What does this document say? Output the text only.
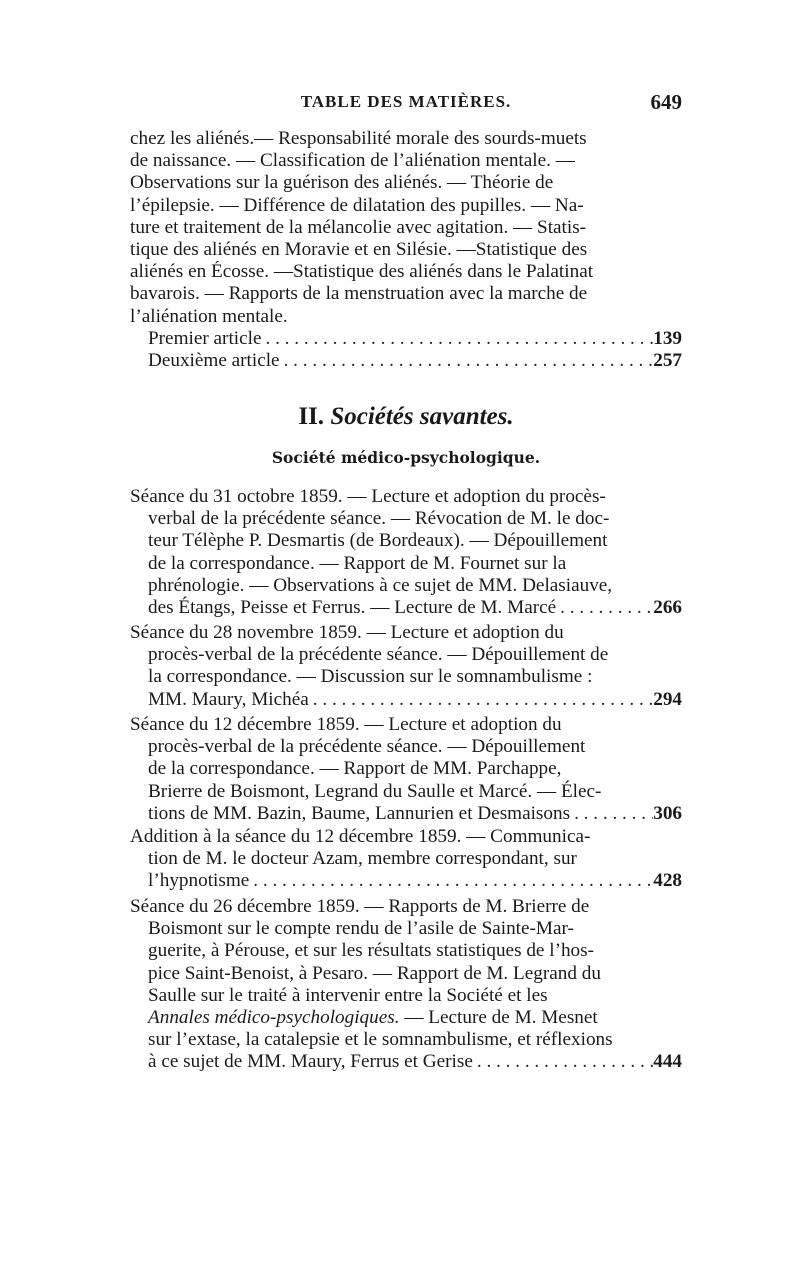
TABLE DES MATIÈRES.	649
chez les aliénés.— Responsabilité morale des sourds-muets
de naissance. — Classification de l’aliénation mentale. —
Observations sur la guérison des aliénés. — Théorie de
l’épilepsie. — Différence de dilatation des pupilles. — Na-
ture et traitement de la mélancolie avec agitation. — Statis-
tique des aliénés en Moravie et en Silésie. —Statistique des
aliénés en Écosse. —Statistique des aliénés dans le Palatinat
bavarois. — Rapports de la menstruation avec la marche de
l’aliénation mentale.
Premier article . . .	139
Deuxième article . . .	257
II. Sociétés savantes.
Société médico-psychologique.
Séance du 31 octobre 1859. — Lecture et adoption du procès-
verbal de la précédente séance. — Révocation de M. le doc-
teur Télèphe P. Desmartis (de Bordeaux). — Dépouillement
de la correspondance. — Rapport de M. Fournet sur la
phrénologie. — Observations à ce sujet de MM. Delasiauve,
des Étangs, Peisse et Ferrus. — Lecture de M. Marcé . . .	266
Séance du 28 novembre 1859. — Lecture et adoption du
procès-verbal de la précédente séance. — Dépouillement de
la correspondance. — Discussion sur le somnambulisme :
MM. Maury, Michéa . . .	294
Séance du 12 décembre 1859. — Lecture et adoption du
procès-verbal de la précédente séance. — Dépouillement
de la correspondance. — Rapport de MM. Parchappe,
Brierre de Boismont, Legrand du Saulle et Marcé. — Élec-
tions de MM. Bazin, Baume, Lannurien et Desmaisons . . .	306
Addition à la séance du 12 décembre 1859. — Communica-
tion de M. le docteur Azam, membre correspondant, sur
l’hypnotisme . . .	428
Séance du 26 décembre 1859. — Rapports de M. Brierre de
Boismont sur le compte rendu de l’asile de Sainte-Mar-
guerite, à Pérouse, et sur les résultats statistiques de l’hos-
pice Saint-Benoist, à Pesaro. — Rapport de M. Legrand du
Saulle sur le traité à intervenir entre la Société et les
Annales médico-psychologiques. — Lecture de M. Mesnet
sur l’extase, la catalepsie et le somnambulisme, et réflexions
à ce sujet de MM. Maury, Ferrus et Gerise . . .	444
